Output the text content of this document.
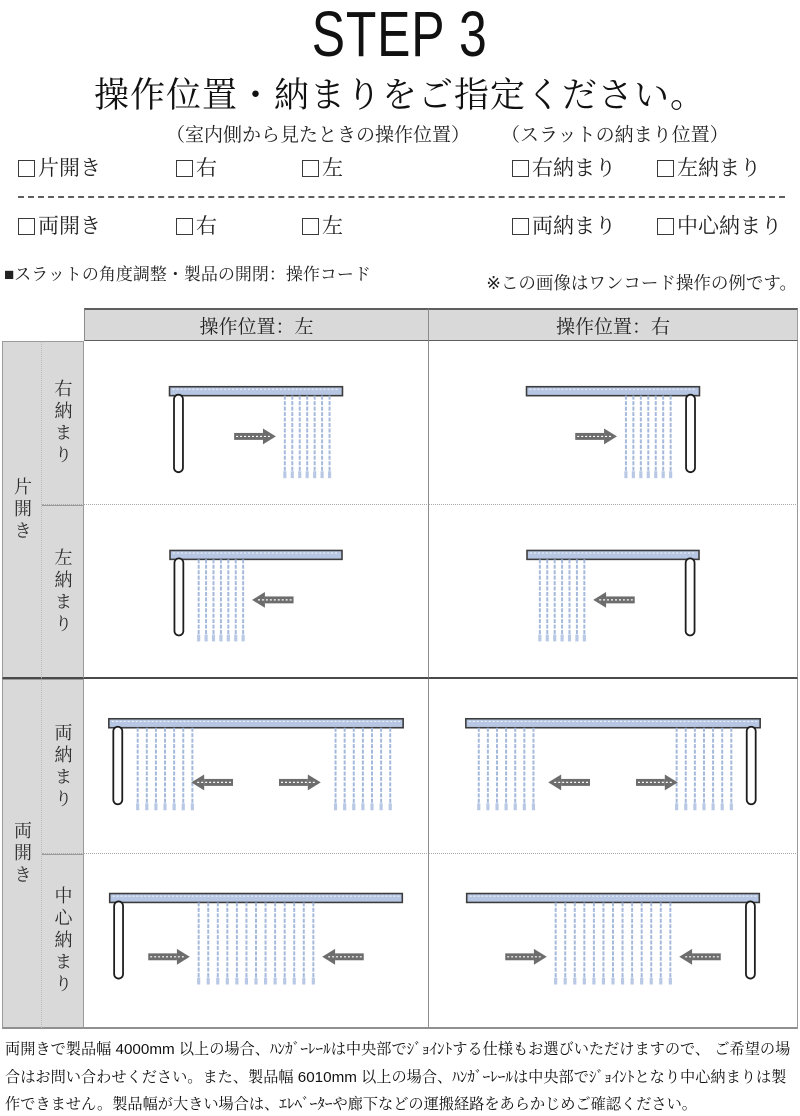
STEP 3
操作位置・納まりをご指定ください。
（室内側から見たときの操作位置） （スラットの納まり位置）
片開き	右	左	右納まり	左納まり
両開き	右	左	両納まり	中心納まり
■スラットの角度調整・製品の開閉：操作コード	※この画像はワンコード操作の例です。
操作位置：左	操作位置：右
片開き
右納まり
左納まり
両開き
両納まり
中心納まり
両開きで製品幅 4000mm 以上の場合、ﾊﾝｶﾞｰﾚｰﾙは中央部でｼﾞｮｲﾝﾄする仕様もお選びいただけますので、 ご希望の場合はお問い合わせください。また、製品幅 6010mm 以上の場合、ﾊﾝｶﾞｰﾚｰﾙは中央部でｼﾞｮｲﾝﾄとなり中心納まりは製作できません。製品幅が大きい場合は、ｴﾚﾍﾞｰﾀｰや廊下などの運搬経路をあらかじめご確認ください。
